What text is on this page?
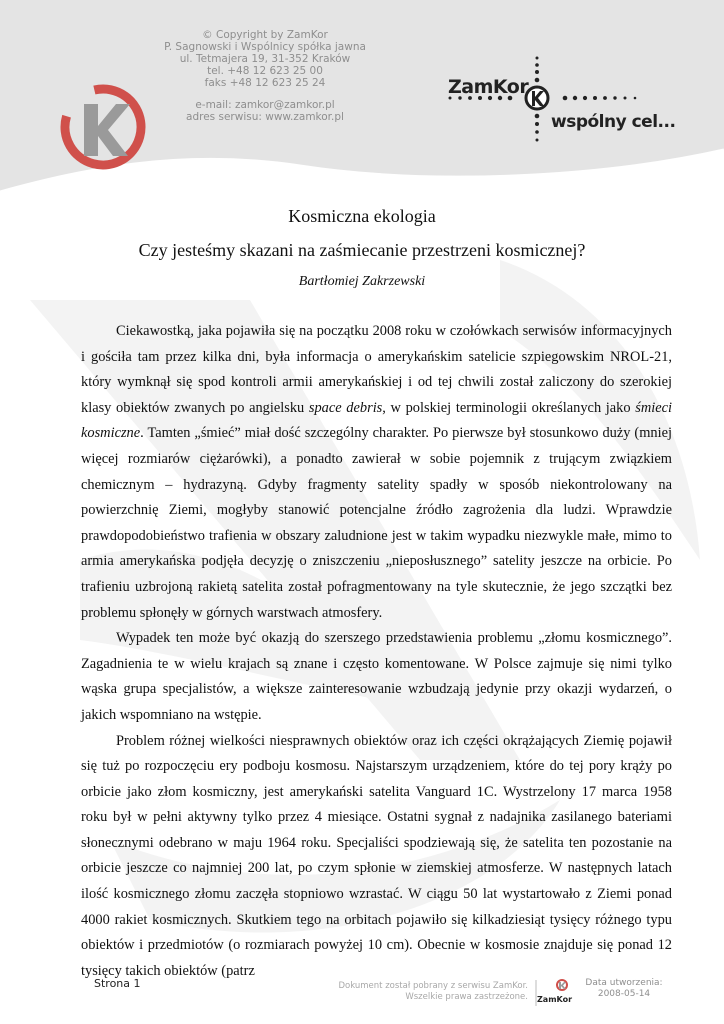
© Copyright by ZamKor
P. Sagnowski i Wspólnicy spółka jawna
ul. Tetmajera 19, 31-352 Kraków
tel. +48 12 623 25 00
faks +48 12 623 25 24
e-mail: zamkor@zamkor.pl
adres serwisu: www.zamkor.pl
ZamKor
wspólny cel...
Kosmiczna ekologia
Czy jesteśmy skazani na zaśmiecanie przestrzeni kosmicznej?
Bartłomiej Zakrzewski

Ciekawostką, jaka pojawiła się na początku 2008 roku w czołówkach serwisów informacyjnych i gościła tam przez kilka dni, była informacja o amerykańskim satelicie szpiegowskim NROL-21, który wymknął się spod kontroli armii amerykańskiej i od tej chwili został zaliczony do szerokiej klasy obiektów zwanych po angielsku space debris, w polskiej terminologii określanych jako śmieci kosmiczne. Tamten „śmieć” miał dość szczególny charakter. Po pierwsze był stosunkowo duży (mniej więcej rozmiarów ciężarówki), a ponadto zawierał w sobie pojemnik z trującym związkiem chemicznym – hydrazyną. Gdyby fragmenty satelity spadły w sposób niekontrolowany na powierzchnię Ziemi, mogłyby stanowić potencjalne źródło zagrożenia dla ludzi. Wprawdzie prawdopodobieństwo trafienia w obszary zaludnione jest w takim wypadku niezwykle małe, mimo to armia amerykańska podjęła decyzję o zniszczeniu „nieposłusznego” satelity jeszcze na orbicie. Po trafieniu uzbrojoną rakietą satelita został pofragmentowany na tyle skutecznie, że jego szczątki bez problemu spłonęły w górnych warstwach atmosfery.

Wypadek ten może być okazją do szerszego przedstawienia problemu „złomu kosmicznego”. Zagadnienia te w wielu krajach są znane i często komentowane. W Polsce zajmuje się nimi tylko wąska grupa specjalistów, a większe zainteresowanie wzbudzają jedynie przy okazji wydarzeń, o jakich wspomniano na wstępie.

Problem różnej wielkości niesprawnych obiektów oraz ich części okrążających Ziemię pojawił się tuż po rozpoczęciu ery podboju kosmosu. Najstarszym urządzeniem, które do tej pory krąży po orbicie jako złom kosmiczny, jest amerykański satelita Vanguard 1C. Wystrzelony 17 marca 1958 roku był w pełni aktywny tylko przez 4 miesiące. Ostatni sygnał z nadajnika zasilanego bateriami słonecznymi odebrano w maju 1964 roku. Specjaliści spodziewają się, że satelita ten pozostanie na orbicie jeszcze co najmniej 200 lat, po czym spłonie w ziemskiej atmosferze. W następnych latach ilość kosmicznego złomu zaczęła stopniowo wzrastać. W ciągu 50 lat wystartowało z Ziemi ponad 4000 rakiet kosmicznych. Skutkiem tego na orbitach pojawiło się kilkadziesiąt tysięcy różnego typu obiektów i przedmiotów (o rozmiarach powyżej 10 cm). Obecnie w kosmosie znajduje się ponad 12 tysięcy takich obiektów (patrz

Strona 1	Dokument został pobrany z serwisu ZamKor.
Wszelkie prawa zastrzeżone. ZamKor
Data utworzenia:
2008-05-14
